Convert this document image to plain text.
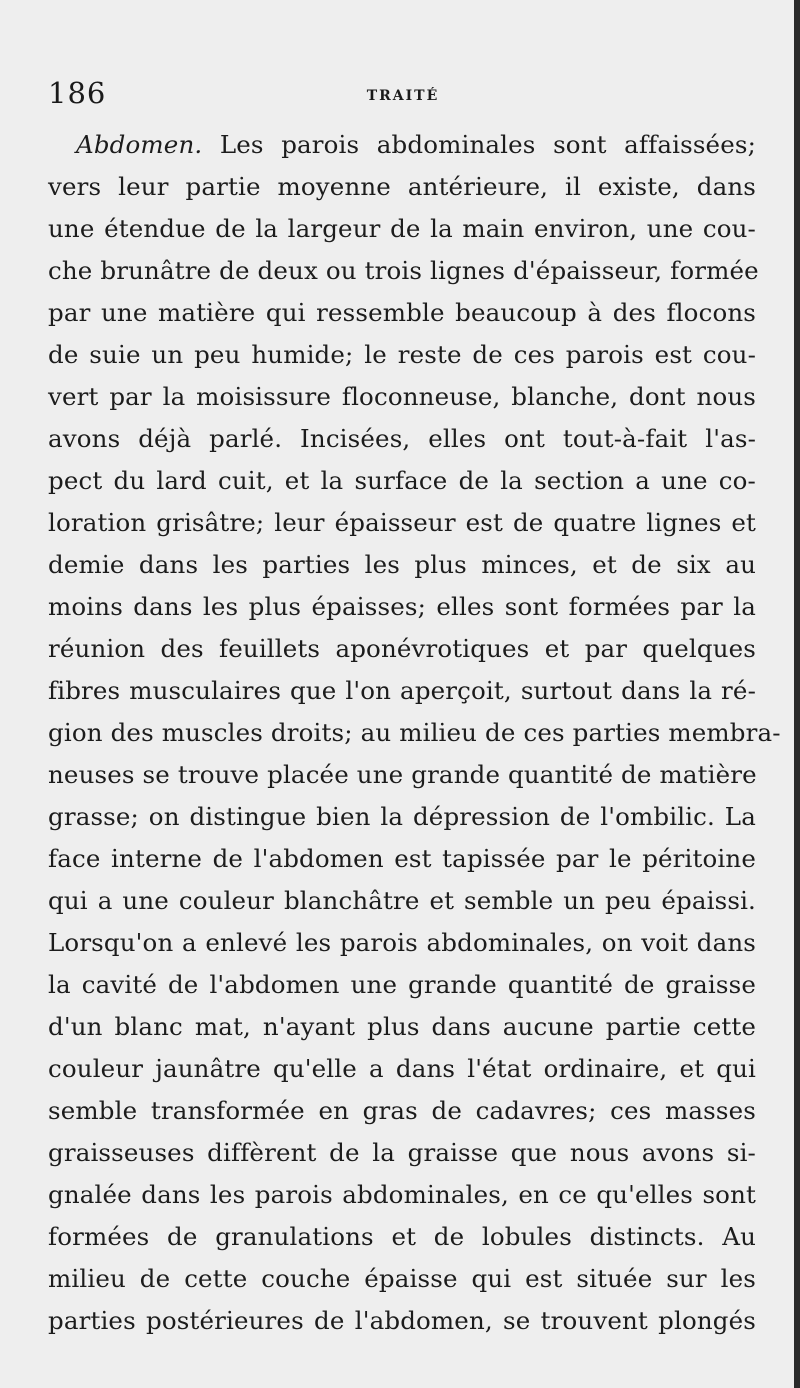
186	TRAITÉ
Abdomen. Les parois abdominales sont affaissées;
vers leur partie moyenne antérieure, il existe, dans
une étendue de la largeur de la main environ, une cou-
che brunâtre de deux ou trois lignes d'épaisseur, formée
par une matière qui ressemble beaucoup à des flocons
de suie un peu humide; le reste de ces parois est cou-
vert par la moisissure floconneuse, blanche, dont nous
avons déjà parlé. Incisées, elles ont tout-à-fait l'as-
pect du lard cuit, et la surface de la section a une co-
loration grisâtre; leur épaisseur est de quatre lignes et
demie dans les parties les plus minces, et de six au
moins dans les plus épaisses; elles sont formées par la
réunion des feuillets aponévrotiques et par quelques
fibres musculaires que l'on aperçoit, surtout dans la ré-
gion des muscles droits; au milieu de ces parties membra-
neuses se trouve placée une grande quantité de matière
grasse; on distingue bien la dépression de l'ombilic. La
face interne de l'abdomen est tapissée par le péritoine
qui a une couleur blanchâtre et semble un peu épaissi.
Lorsqu'on a enlevé les parois abdominales, on voit dans
la cavité de l'abdomen une grande quantité de graisse
d'un blanc mat, n'ayant plus dans aucune partie cette
couleur jaunâtre qu'elle a dans l'état ordinaire, et qui
semble transformée en gras de cadavres; ces masses
graisseuses diffèrent de la graisse que nous avons si-
gnalée dans les parois abdominales, en ce qu'elles sont
formées de granulations et de lobules distincts. Au
milieu de cette couche épaisse qui est située sur les
parties postérieures de l'abdomen, se trouvent plongés
